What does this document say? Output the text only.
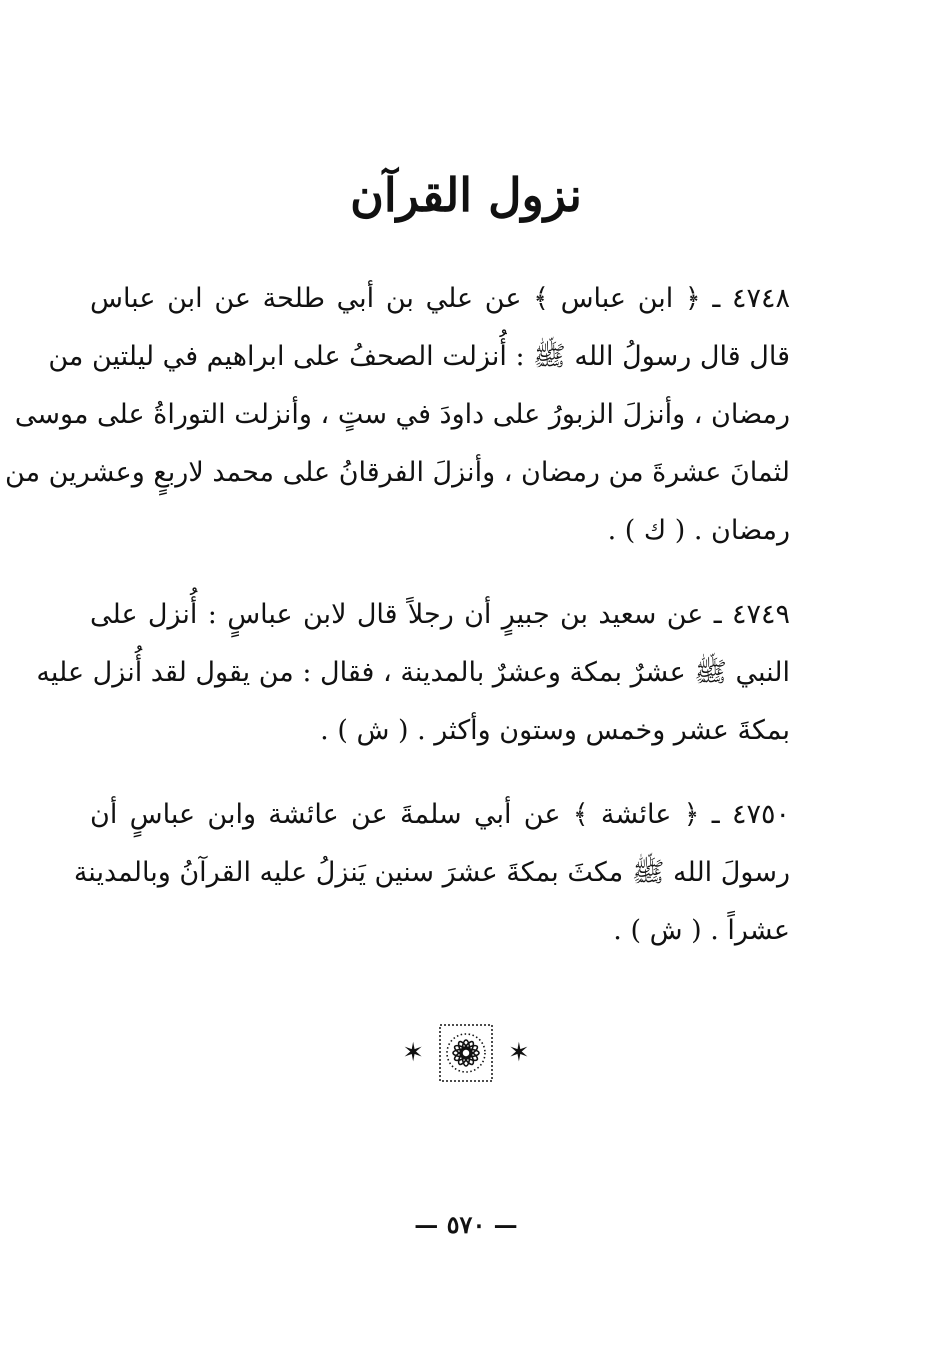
نزول القرآن
٤٧٤٨ ـ ﴿ ابن عباس ﴾ عن علي بن أبي طلحة عن ابن عباس
قال قال رسولُ الله ﷺ : أُنزلت الصحفُ على ابراهيم في ليلتين من
رمضان ، وأنزلَ الزبورُ على داودَ في ستٍ ، وأنزلت التوراةُ على موسى
لثمانَ عشرةَ من رمضان ، وأنزلَ الفرقانُ على محمد لاربعٍ وعشرين من
رمضان . ( ك ) .
٤٧٤٩ ـ عن سعيد بن جبيرٍ أن رجلاً قال لابن عباسٍ : أُنزل على
النبي ﷺ عشرٌ بمكة وعشرٌ بالمدينة ، فقال : من يقول لقد أُنزل عليه
بمكةَ عشر وخمس وستون وأكثر . ( ش ) .
٤٧٥٠ ـ ﴿ عائشة ﴾ عن أبي سلمةَ عن عائشة وابن عباسٍ أن
رسولَ الله ﷺ مكثَ بمكةَ عشرَ سنين يَنزلُ عليه القرآنُ وبالمدينة
عشراً . ( ش ) .
✶	✶
— ٥٧٠ —
